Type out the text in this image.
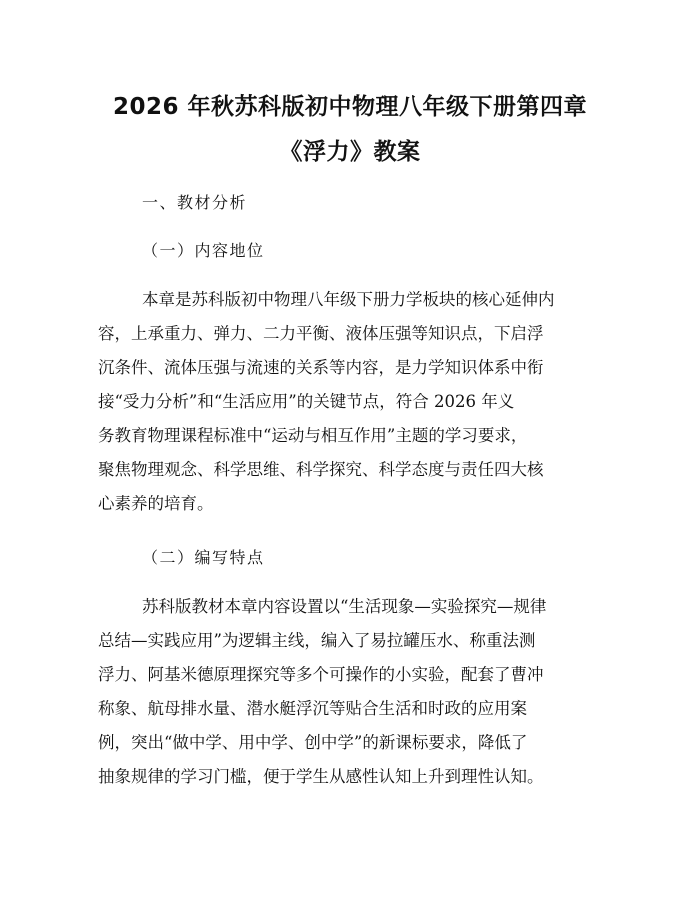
2026 年秋苏科版初中物理八年级下册第四章
《浮力》教案
一、教材分析
（一）内容地位
本章是苏科版初中物理八年级下册力学板块的核心延伸内
容，上承重力、弹力、二力平衡、液体压强等知识点，下启浮
沉条件、流体压强与流速的关系等内容，是力学知识体系中衔
接“受力分析”和“生活应用”的关键节点，符合 2026 年义
务教育物理课程标准中“运动与相互作用”主题的学习要求，
聚焦物理观念、科学思维、科学探究、科学态度与责任四大核
心素养的培育。
（二）编写特点
苏科版教材本章内容设置以“生活现象—实验探究—规律
总结—实践应用”为逻辑主线，编入了易拉罐压水、称重法测
浮力、阿基米德原理探究等多个可操作的小实验，配套了曹冲
称象、航母排水量、潜水艇浮沉等贴合生活和时政的应用案
例，突出“做中学、用中学、创中学”的新课标要求，降低了
抽象规律的学习门槛，便于学生从感性认知上升到理性认知。
